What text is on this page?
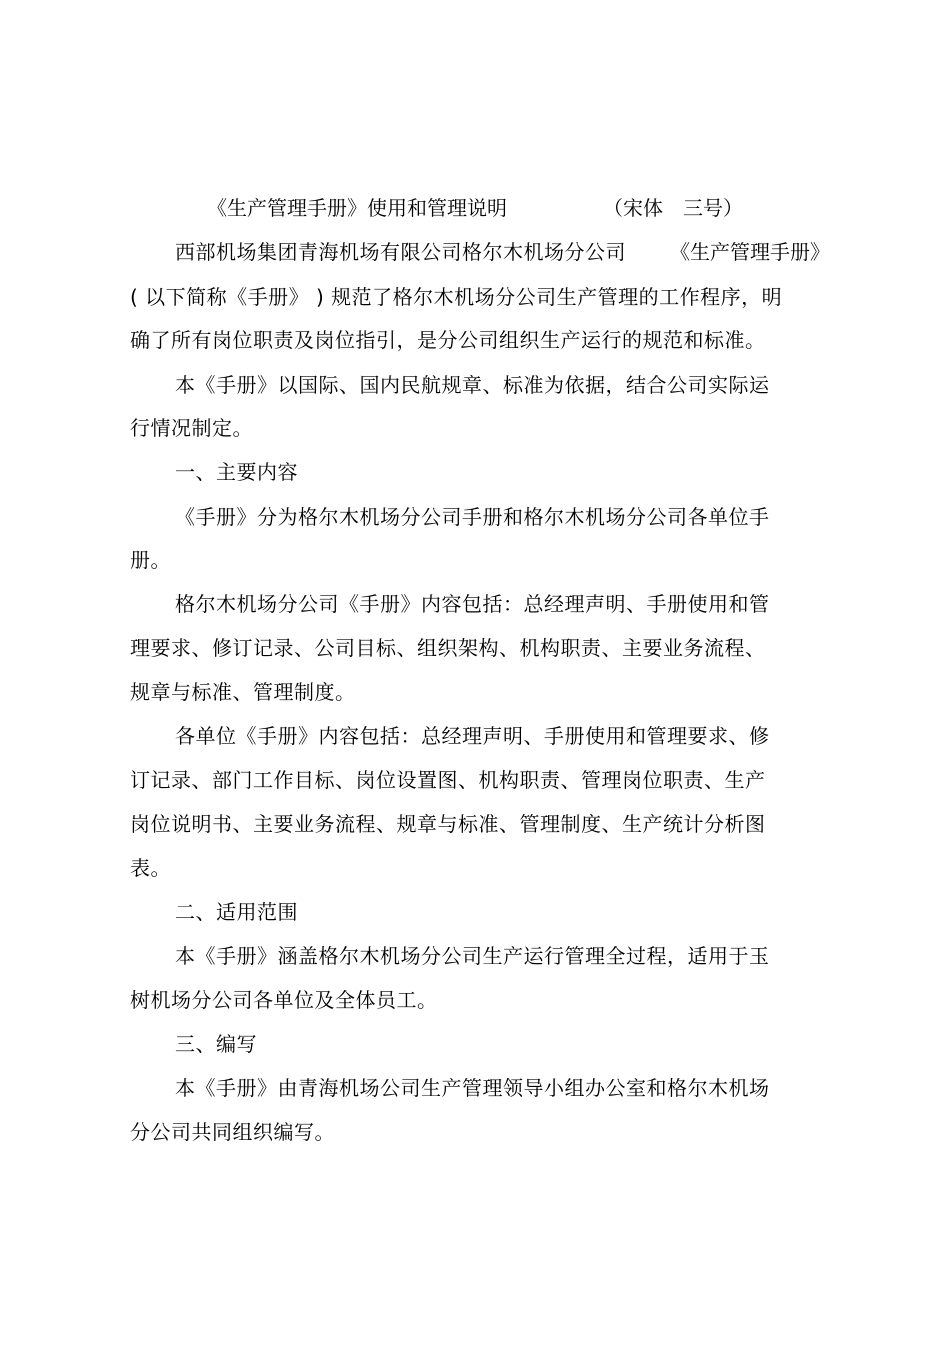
《生产管理手册》使用和管理说明	（宋体　三号）
西部机场集团青海机场有限公司格尔木机场分公司 《生产管理手册》
( 以下简称《手册》 ) 规范了格尔木机场分公司生产管理的工作程序，明
确了所有岗位职责及岗位指引，是分公司组织生产运行的规范和标准。
本《手册》以国际、国内民航规章、标准为依据，结合公司实际运
行情况制定。
一、主要内容
《手册》分为格尔木机场分公司手册和格尔木机场分公司各单位手
册。
格尔木机场分公司《手册》内容包括：总经理声明、手册使用和管
理要求、修订记录、公司目标、组织架构、机构职责、主要业务流程、
规章与标准、管理制度。
各单位《手册》内容包括：总经理声明、手册使用和管理要求、修
订记录、部门工作目标、岗位设置图、机构职责、管理岗位职责、生产
岗位说明书、主要业务流程、规章与标准、管理制度、生产统计分析图
表。
二、适用范围
本《手册》涵盖格尔木机场分公司生产运行管理全过程，适用于玉
树机场分公司各单位及全体员工。
三、编写
本《手册》由青海机场公司生产管理领导小组办公室和格尔木机场
分公司共同组织编写。
